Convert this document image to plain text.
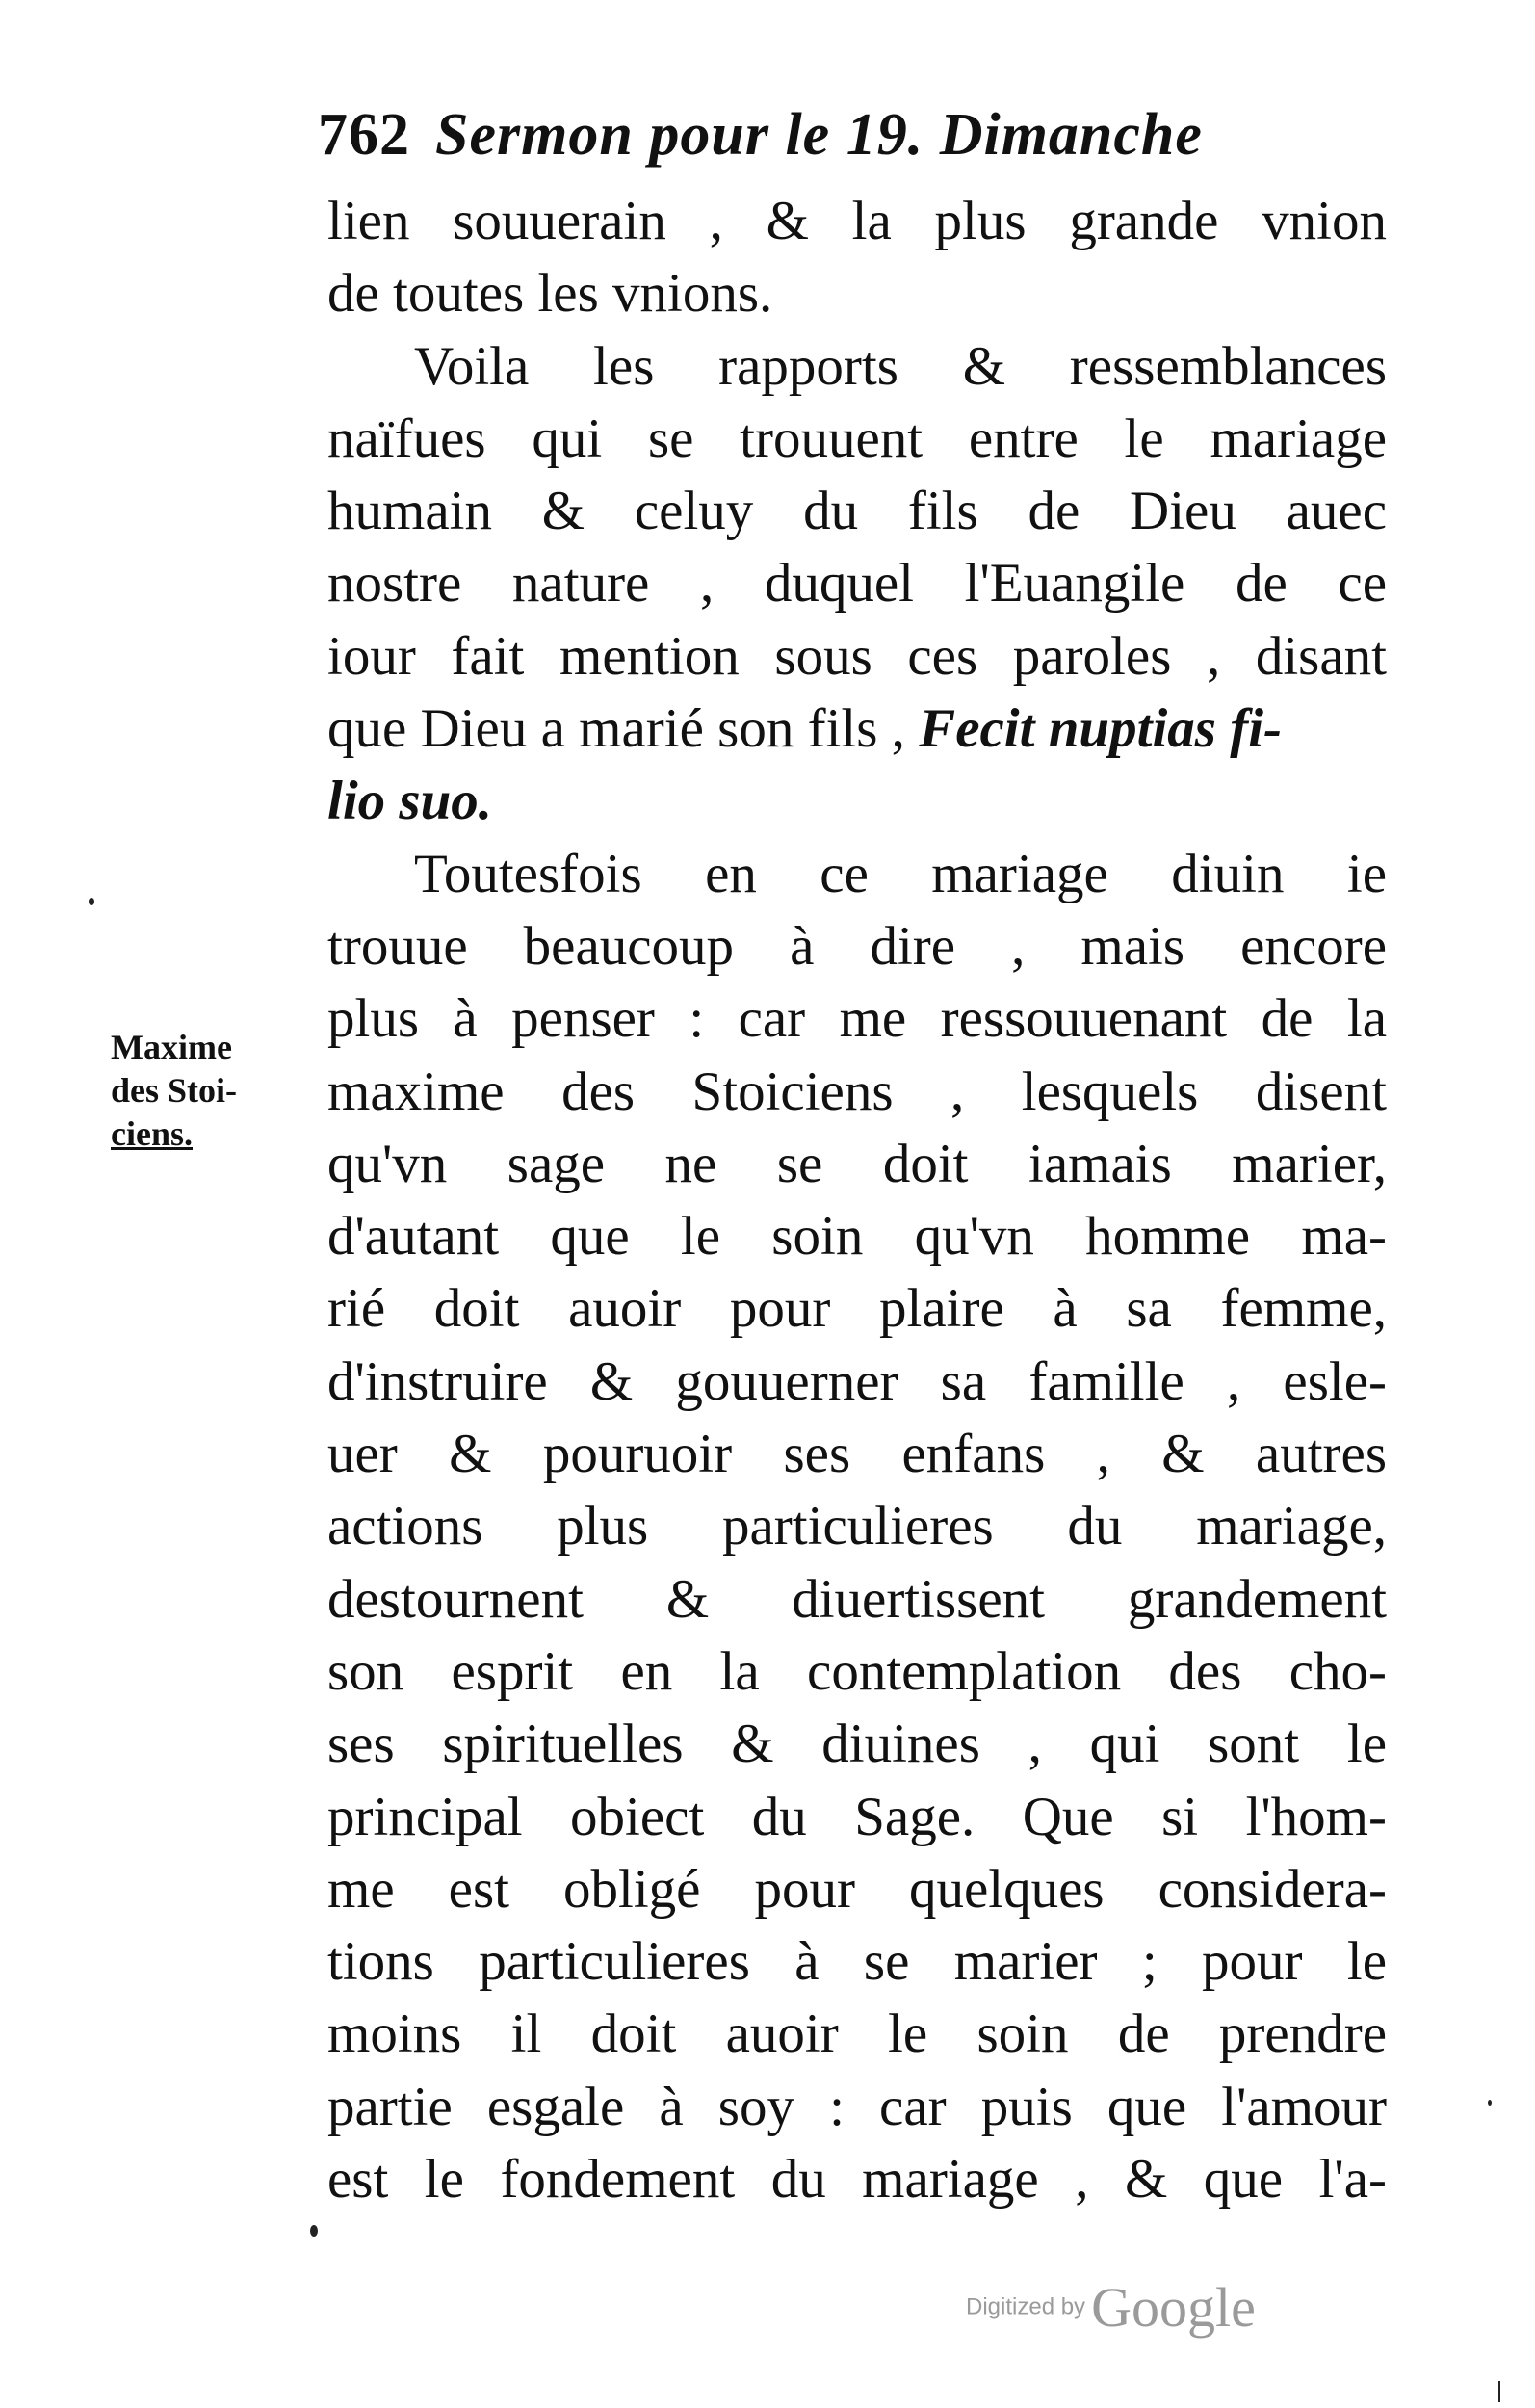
762 Sermon pour le 19. Dimanche
Maxime
des Stoi-
ciens.
lien souuerain , & la plus grande vnion
de toutes les vnions.
Voila les rapports & ressemblances
naïfues qui se trouuent entre le mariage
humain & celuy du fils de Dieu auec
nostre nature , duquel l'Euangile de ce
iour fait mention sous ces paroles , disant
que Dieu a marié son fils , Fecit nuptias fi-
lio suo.
Toutesfois en ce mariage diuin ie
trouue beaucoup à dire , mais encore
plus à penser : car me ressouuenant de la
maxime des Stoiciens , lesquels disent
qu'vn sage ne se doit iamais marier,
d'autant que le soin qu'vn homme ma-
rié doit auoir pour plaire à sa femme,
d'instruire & gouuerner sa famille , esle-
uer & pouruoir ses enfans , & autres
actions plus particulieres du mariage,
destournent & diuertissent grandement
son esprit en la contemplation des cho-
ses spirituelles & diuines , qui sont le
principal obiect du Sage. Que si l'hom-
me est obligé pour quelques considera-
tions particulieres à se marier ; pour le
moins il doit auoir le soin de prendre
partie esgale à soy : car puis que l'amour
est le fondement du mariage , & que l'a-
Digitized by Google
